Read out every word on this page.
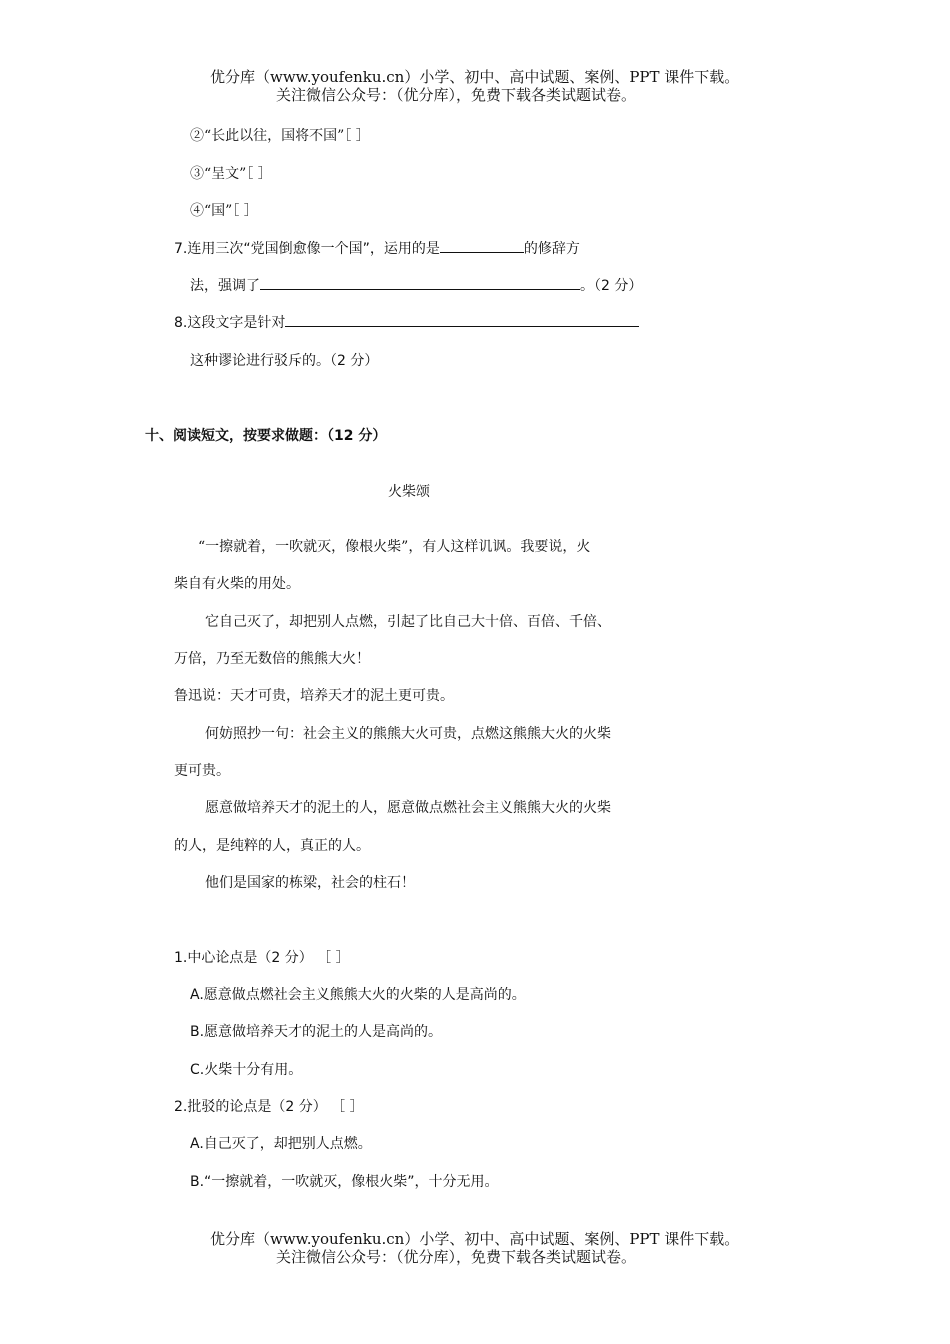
优分库（www.youfenku.cn）小学、初中、高中试题、案例、PPT 课件下载。
关注微信公众号：（优分库），免费下载各类试题试卷。
②“长此以往，国将不国”［ ］
③“呈文”［ ］
④“国”［ ］
7.连用三次“党国倒愈像一个国”，运用的是	的修辞方
法，强调了	。（2 分）
8.这段文字是针对
这种谬论进行驳斥的。（2 分）
十、阅读短文，按要求做题：（12 分）
火柴颂
“一擦就着，一吹就灭，像根火柴”，有人这样讥讽。我要说，火
柴自有火柴的用处。
它自己灭了，却把别人点燃，引起了比自己大十倍、百倍、千倍、
万倍，乃至无数倍的熊熊大火！
鲁迅说：天才可贵，培养天才的泥土更可贵。
何妨照抄一句：社会主义的熊熊大火可贵，点燃这熊熊大火的火柴
更可贵。
愿意做培养天才的泥土的人，愿意做点燃社会主义熊熊大火的火柴
的人，是纯粹的人，真正的人。
他们是国家的栋梁，社会的柱石！
1.中心论点是（2 分） ［ ］
A.愿意做点燃社会主义熊熊大火的火柴的人是高尚的。
B.愿意做培养天才的泥土的人是高尚的。
C.火柴十分有用。
2.批驳的论点是（2 分） ［ ］
A.自己灭了，却把别人点燃。
B.“一擦就着，一吹就灭，像根火柴”，十分无用。
优分库（www.youfenku.cn）小学、初中、高中试题、案例、PPT 课件下载。
关注微信公众号：（优分库），免费下载各类试题试卷。
